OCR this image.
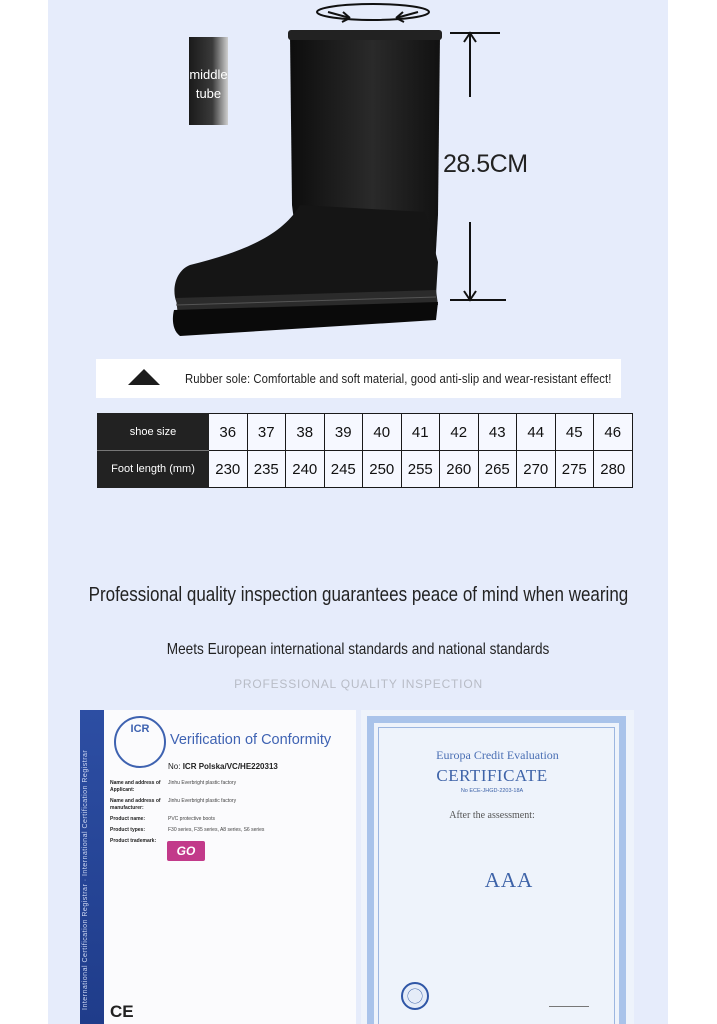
middle
tube
28.5CM
Rubber sole: Comfortable and soft material, good anti-slip and wear-resistant effect!
shoe size	36	37	38	39	40	41	42	43	44	45	46
Foot length (mm)	230	235	240	245	250	255	260	265	270	275	280
Professional quality inspection guarantees peace of mind when wearing
Meets European international standards and national standards
PROFESSIONAL QUALITY INSPECTION
International Certification Registrar · International Certification Registrar
ICR
Verification of Conformity
No: ICR Polska/VC/HE220313
Name and address of Applicant:
Jinhu Everbright plastic factory
Name and address of manufacturer:
Jinhu Everbright plastic factory
Product name:	PVC protective boots
Product types:	F30 series, F35 series, A8 series, S6 series
Product trademark:
GO
CE
Europa Credit Evaluation
CERTIFICATE
No ECE-JHGD-2203-18A
After the assessment:
AAA
